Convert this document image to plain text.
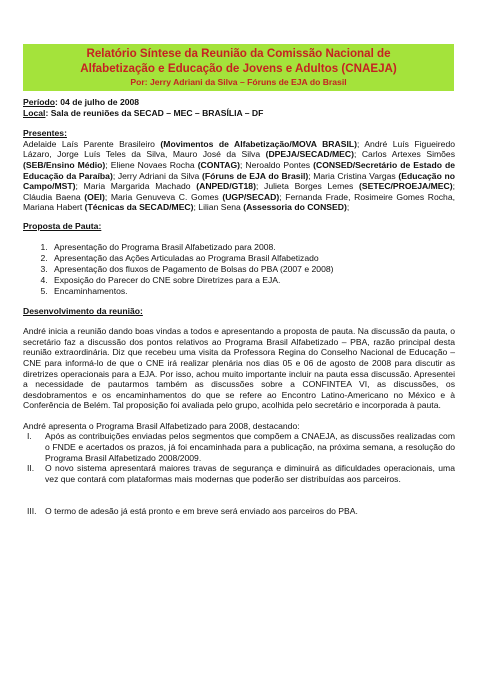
Relatório Síntese da Reunião da Comissão Nacional de
Alfabetização e Educação de Jovens e Adultos (CNAEJA)
Por: Jerry Adriani da Silva – Fóruns de EJA do Brasil
Período: 04 de julho de 2008
Local: Sala de reuniões da SECAD – MEC – BRASÍLIA – DF
Presentes:
Adelaide Laís Parente Brasileiro (Movimentos de Alfabetização/MOVA BRASIL); André Luís Figueiredo Lázaro, Jorge Luís Teles da Silva, Mauro José da Silva (DPEJA/SECAD/MEC); Carlos Artexes Simões (SEB/Ensino Médio); Eliene Novaes Rocha (CONTAG); Neroaldo Pontes (CONSED/Secretário de Estado de Educação da Paraíba); Jerry Adriani da Silva (Fóruns de EJA do Brasil); Maria Cristina Vargas (Educação no Campo/MST); Maria Margarida Machado (ANPED/GT18); Julieta Borges Lemes (SETEC/PROEJA/MEC); Cláudia Baena (OEI); Maria Genuveva C. Gomes (UGP/SECAD); Fernanda Frade, Rosimeire Gomes Rocha, Mariana Habert (Técnicas da SECAD/MEC); Lilian Sena (Assessoria do CONSED);
Proposta de Pauta:
1. Apresentação do Programa Brasil Alfabetizado para 2008.
2. Apresentação das Ações Articuladas ao Programa Brasil Alfabetizado
3. Apresentação dos fluxos de Pagamento de Bolsas do PBA (2007 e 2008)
4. Exposição do Parecer do CNE sobre Diretrizes para a EJA.
5. Encaminhamentos.
Desenvolvimento da reunião:
André inicia a reunião dando boas vindas a todos e apresentando a proposta de pauta. Na discussão da pauta, o secretário faz a discussão dos pontos relativos ao Programa Brasil Alfabetizado – PBA, razão principal desta reunião extraordinária. Diz que recebeu uma visita da Professora Regina do Conselho Nacional de Educação – CNE para informá-lo de que o CNE irá realizar plenária nos dias 05 e 06 de agosto de 2008 para discutir as diretrizes operacionais para a EJA. Por isso, achou muito importante incluir na pauta essa discussão. Apresentei a necessidade de pautarmos também as discussões sobre a CONFINTEA VI, as discussões, os desdobramentos e os encaminhamentos do que se refere ao Encontro Latino-Americano no México e à Conferência de Belém. Tal proposição foi avaliada pelo grupo, acolhida pelo secretário e incorporada à pauta.
André apresenta o Programa Brasil Alfabetizado para 2008, destacando:
I.	Após as contribuições enviadas pelos segmentos que compõem a CNAEJA, as discussões realizadas com o FNDE e acertados os prazos, já foi encaminhada para a publicação, na próxima semana, a resolução do Programa Brasil Alfabetizado 2008/2009.
II.	O novo sistema apresentará maiores travas de segurança e diminuirá as dificuldades operacionais, uma vez que contará com plataformas mais modernas que poderão ser distribuídas aos parceiros.
III. O termo de adesão já está pronto e em breve será enviado aos parceiros do PBA.
